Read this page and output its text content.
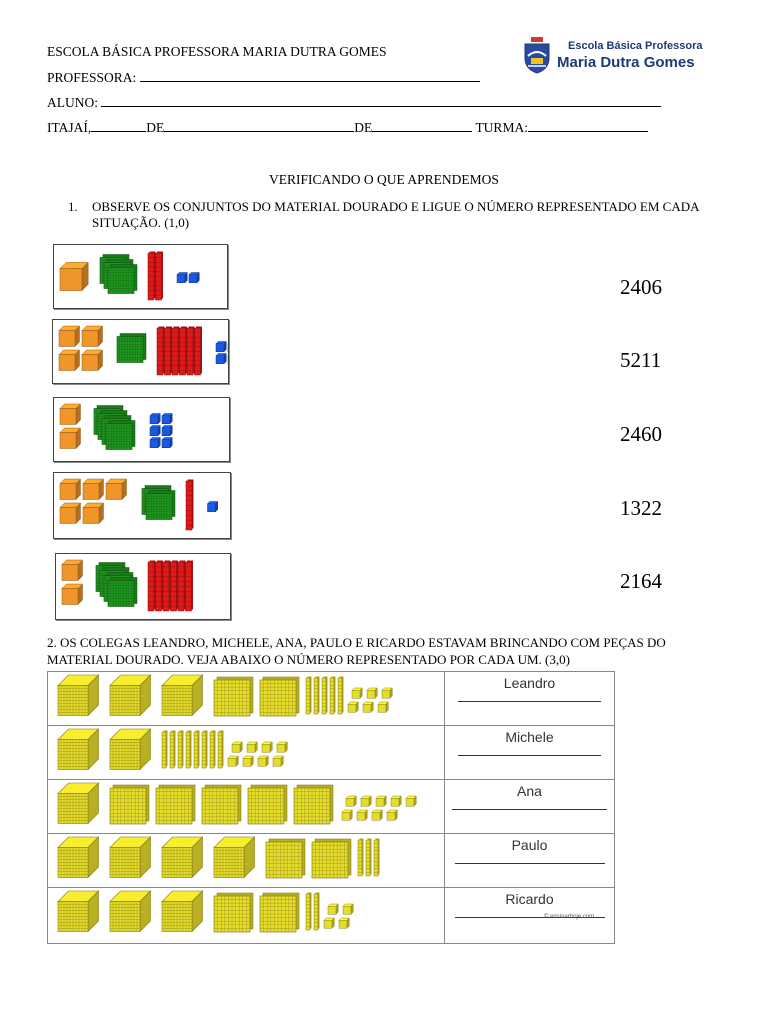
ESCOLA BÁSICA PROFESSORA MARIA DUTRA GOMES
PROFESSORA:
ALUNO:
ITAJAÍ,	DE	DE	TURMA:
Escola Básica Professora
Maria Dutra Gomes
VERIFICANDO O QUE APRENDEMOS
1. OBSERVE OS CONJUNTOS DO MATERIAL DOURADO E LIGUE O NÚMERO REPRESENTADO EM CADA SITUAÇÃO. (1,0)
2406
5211
2460
1322
2164
2. OS COLEGAS LEANDRO, MICHELE, ANA, PAULO E RICARDO ESTAVAM BRINCANDO COM PEÇAS DO MATERIAL DOURADO. VEJA ABAIXO O NÚMERO REPRESENTADO POR CADA UM. (3,0)

Leandro

Michele

Ana

Paulo

Ricardo
© ensinarhoje.com
